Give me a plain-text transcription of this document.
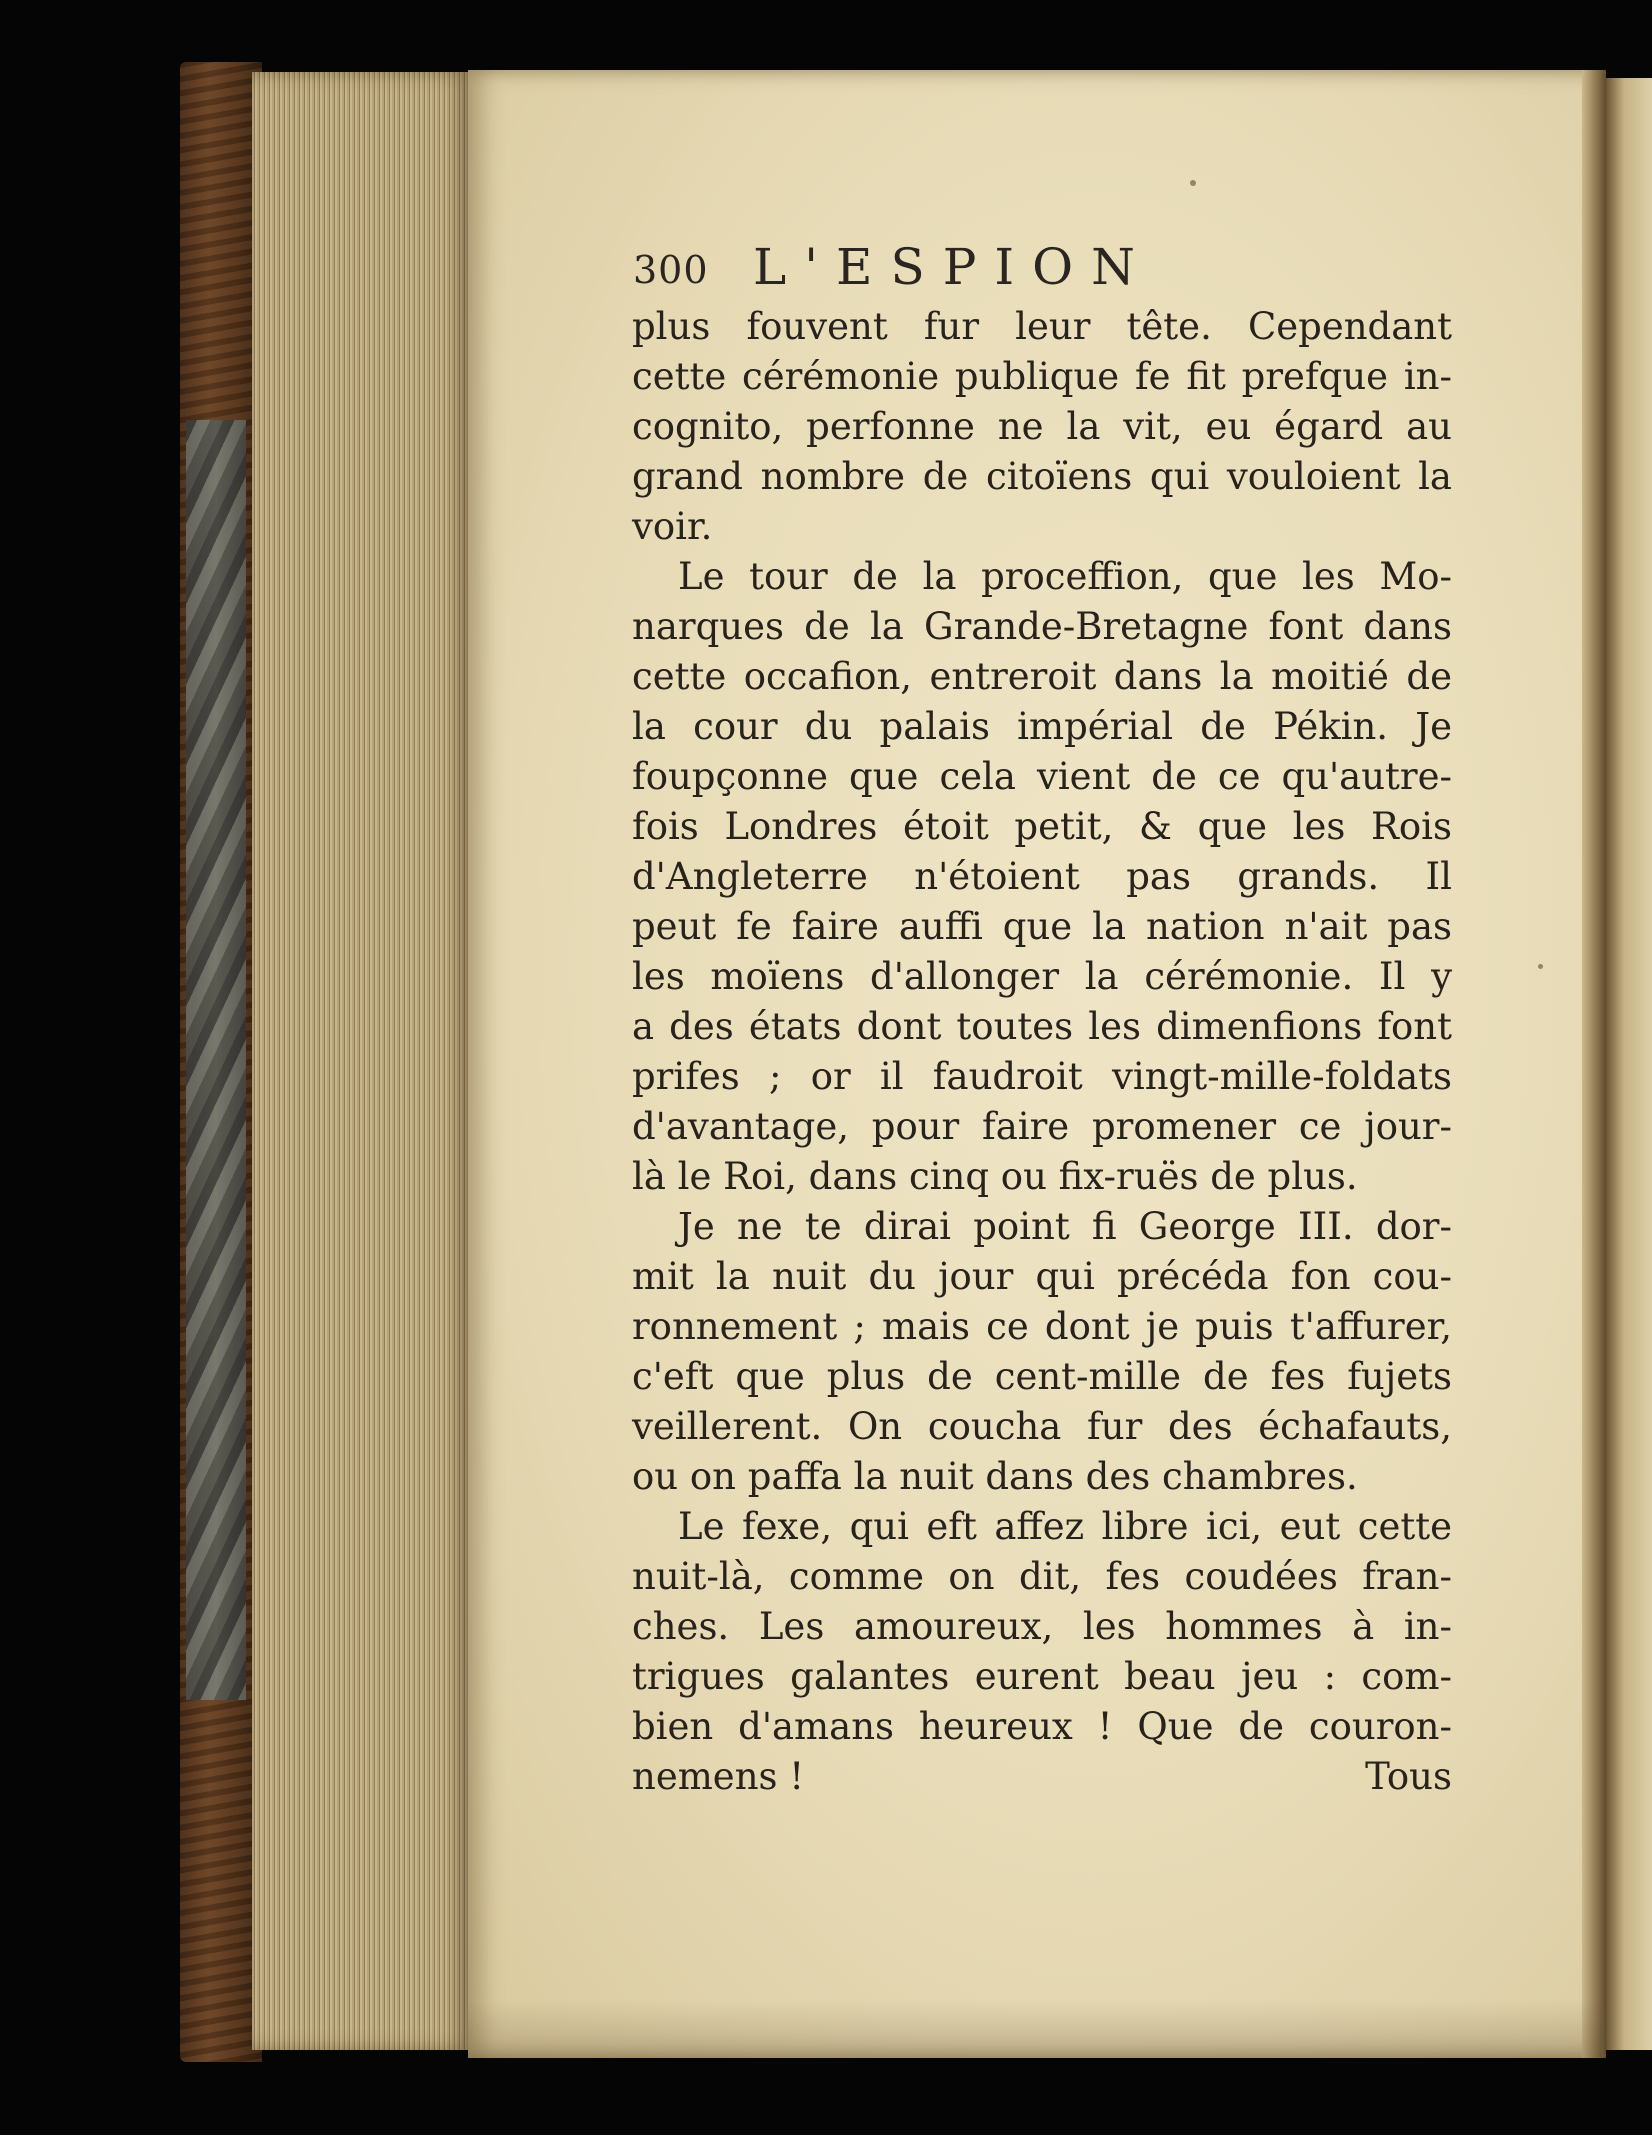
300 L'ESPION
plus fouvent fur leur tête. Cependant
cette cérémonie publique fe fit prefque in-
cognito, perfonne ne la vit, eu égard au
grand nombre de citoïens qui vouloient la
voir.
Le tour de la proceffion, que les Mo-
narques de la Grande-Bretagne font dans
cette occafion, entreroit dans la moitié de
la cour du palais impérial de Pékin. Je
foupçonne que cela vient de ce qu'autre-
fois Londres étoit petit, & que les Rois
d'Angleterre n'étoient pas grands. Il
peut fe faire auffi que la nation n'ait pas
les moïens d'allonger la cérémonie. Il y
a des états dont toutes les dimenfions font
prifes ; or il faudroit vingt-mille-foldats
d'avantage, pour faire promener ce jour-
là le Roi, dans cinq ou fix-ruës de plus.
Je ne te dirai point fi George III. dor-
mit la nuit du jour qui précéda fon cou-
ronnement ; mais ce dont je puis t'affurer,
c'eft que plus de cent-mille de fes fujets
veillerent. On coucha fur des échafauts,
ou on paffa la nuit dans des chambres.
Le fexe, qui eft affez libre ici, eut cette
nuit-là, comme on dit, fes coudées fran-
ches. Les amoureux, les hommes à in-
trigues galantes eurent beau jeu : com-
bien d'amans heureux ! Que de couron-
nemens !	Tous
